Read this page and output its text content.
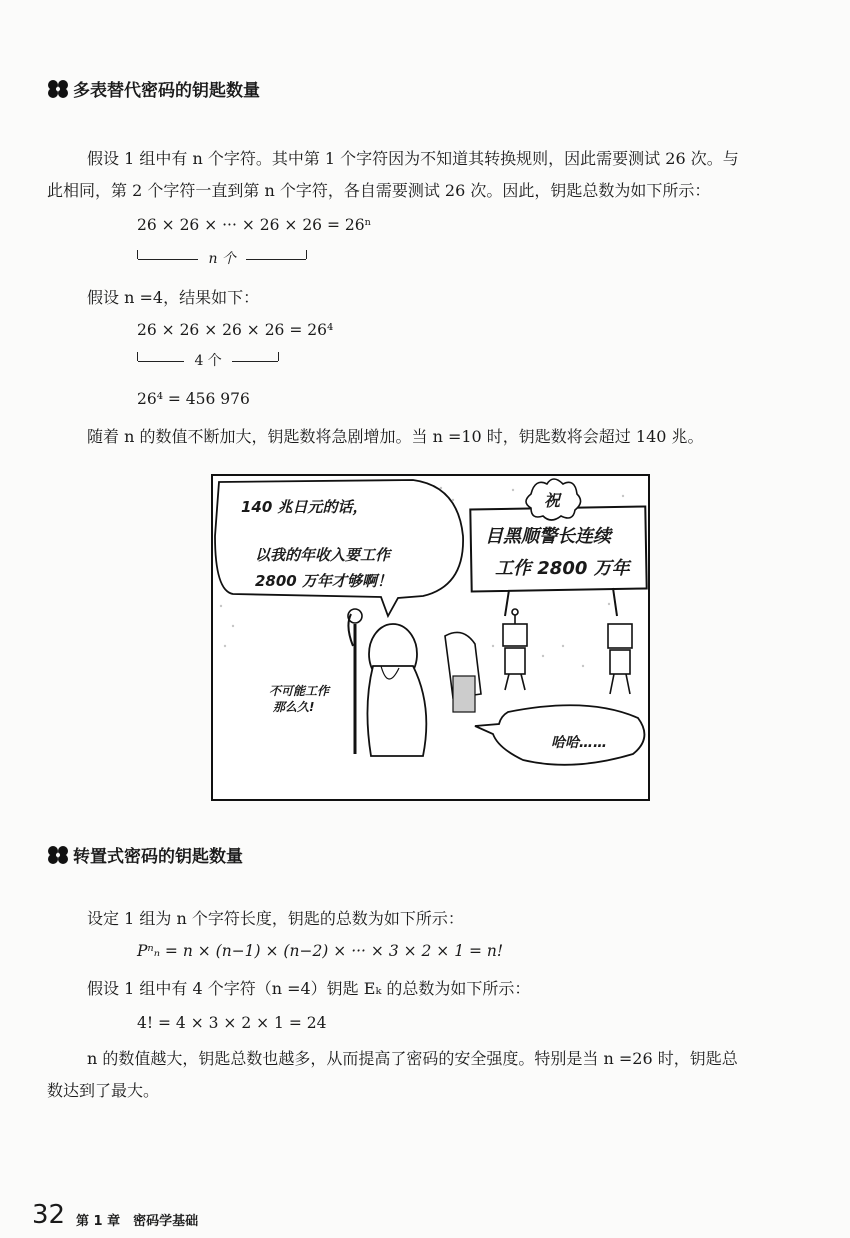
多表替代密码的钥匙数量
假设 1 组中有 n 个字符。其中第 1 个字符因为不知道其转换规则，因此需要测试 26 次。与
此相同，第 2 个字符一直到第 n 个字符，各自需要测试 26 次。因此，钥匙总数为如下所示：
26 × 26 × ··· × 26 × 26 = 26ⁿ
n 个
假设 n =4，结果如下：
26 × 26 × 26 × 26 = 26⁴
4 个
26⁴ = 456 976
随着 n 的数值不断加大，钥匙数将急剧增加。当 n =10 时，钥匙数将会超过 140 兆。
140 兆日元的话，
以我的年收入要工作
2800 万年才够啊！
祝
目黑顺警长连续
工作 2800 万年
不可能工作
那么久!
哈哈……
转置式密码的钥匙数量
设定 1 组为 n 个字符长度，钥匙的总数为如下所示：
Pⁿₙ = n × (n−1) × (n−2) × ··· × 3 × 2 × 1 = n!
假设 1 组中有 4 个字符（n =4）钥匙 Eₖ 的总数为如下所示：
4! = 4 × 3 × 2 × 1 = 24
n 的数值越大，钥匙总数也越多，从而提高了密码的安全强度。特别是当 n =26 时，钥匙总
数达到了最大。
32 第 1 章　密码学基础
